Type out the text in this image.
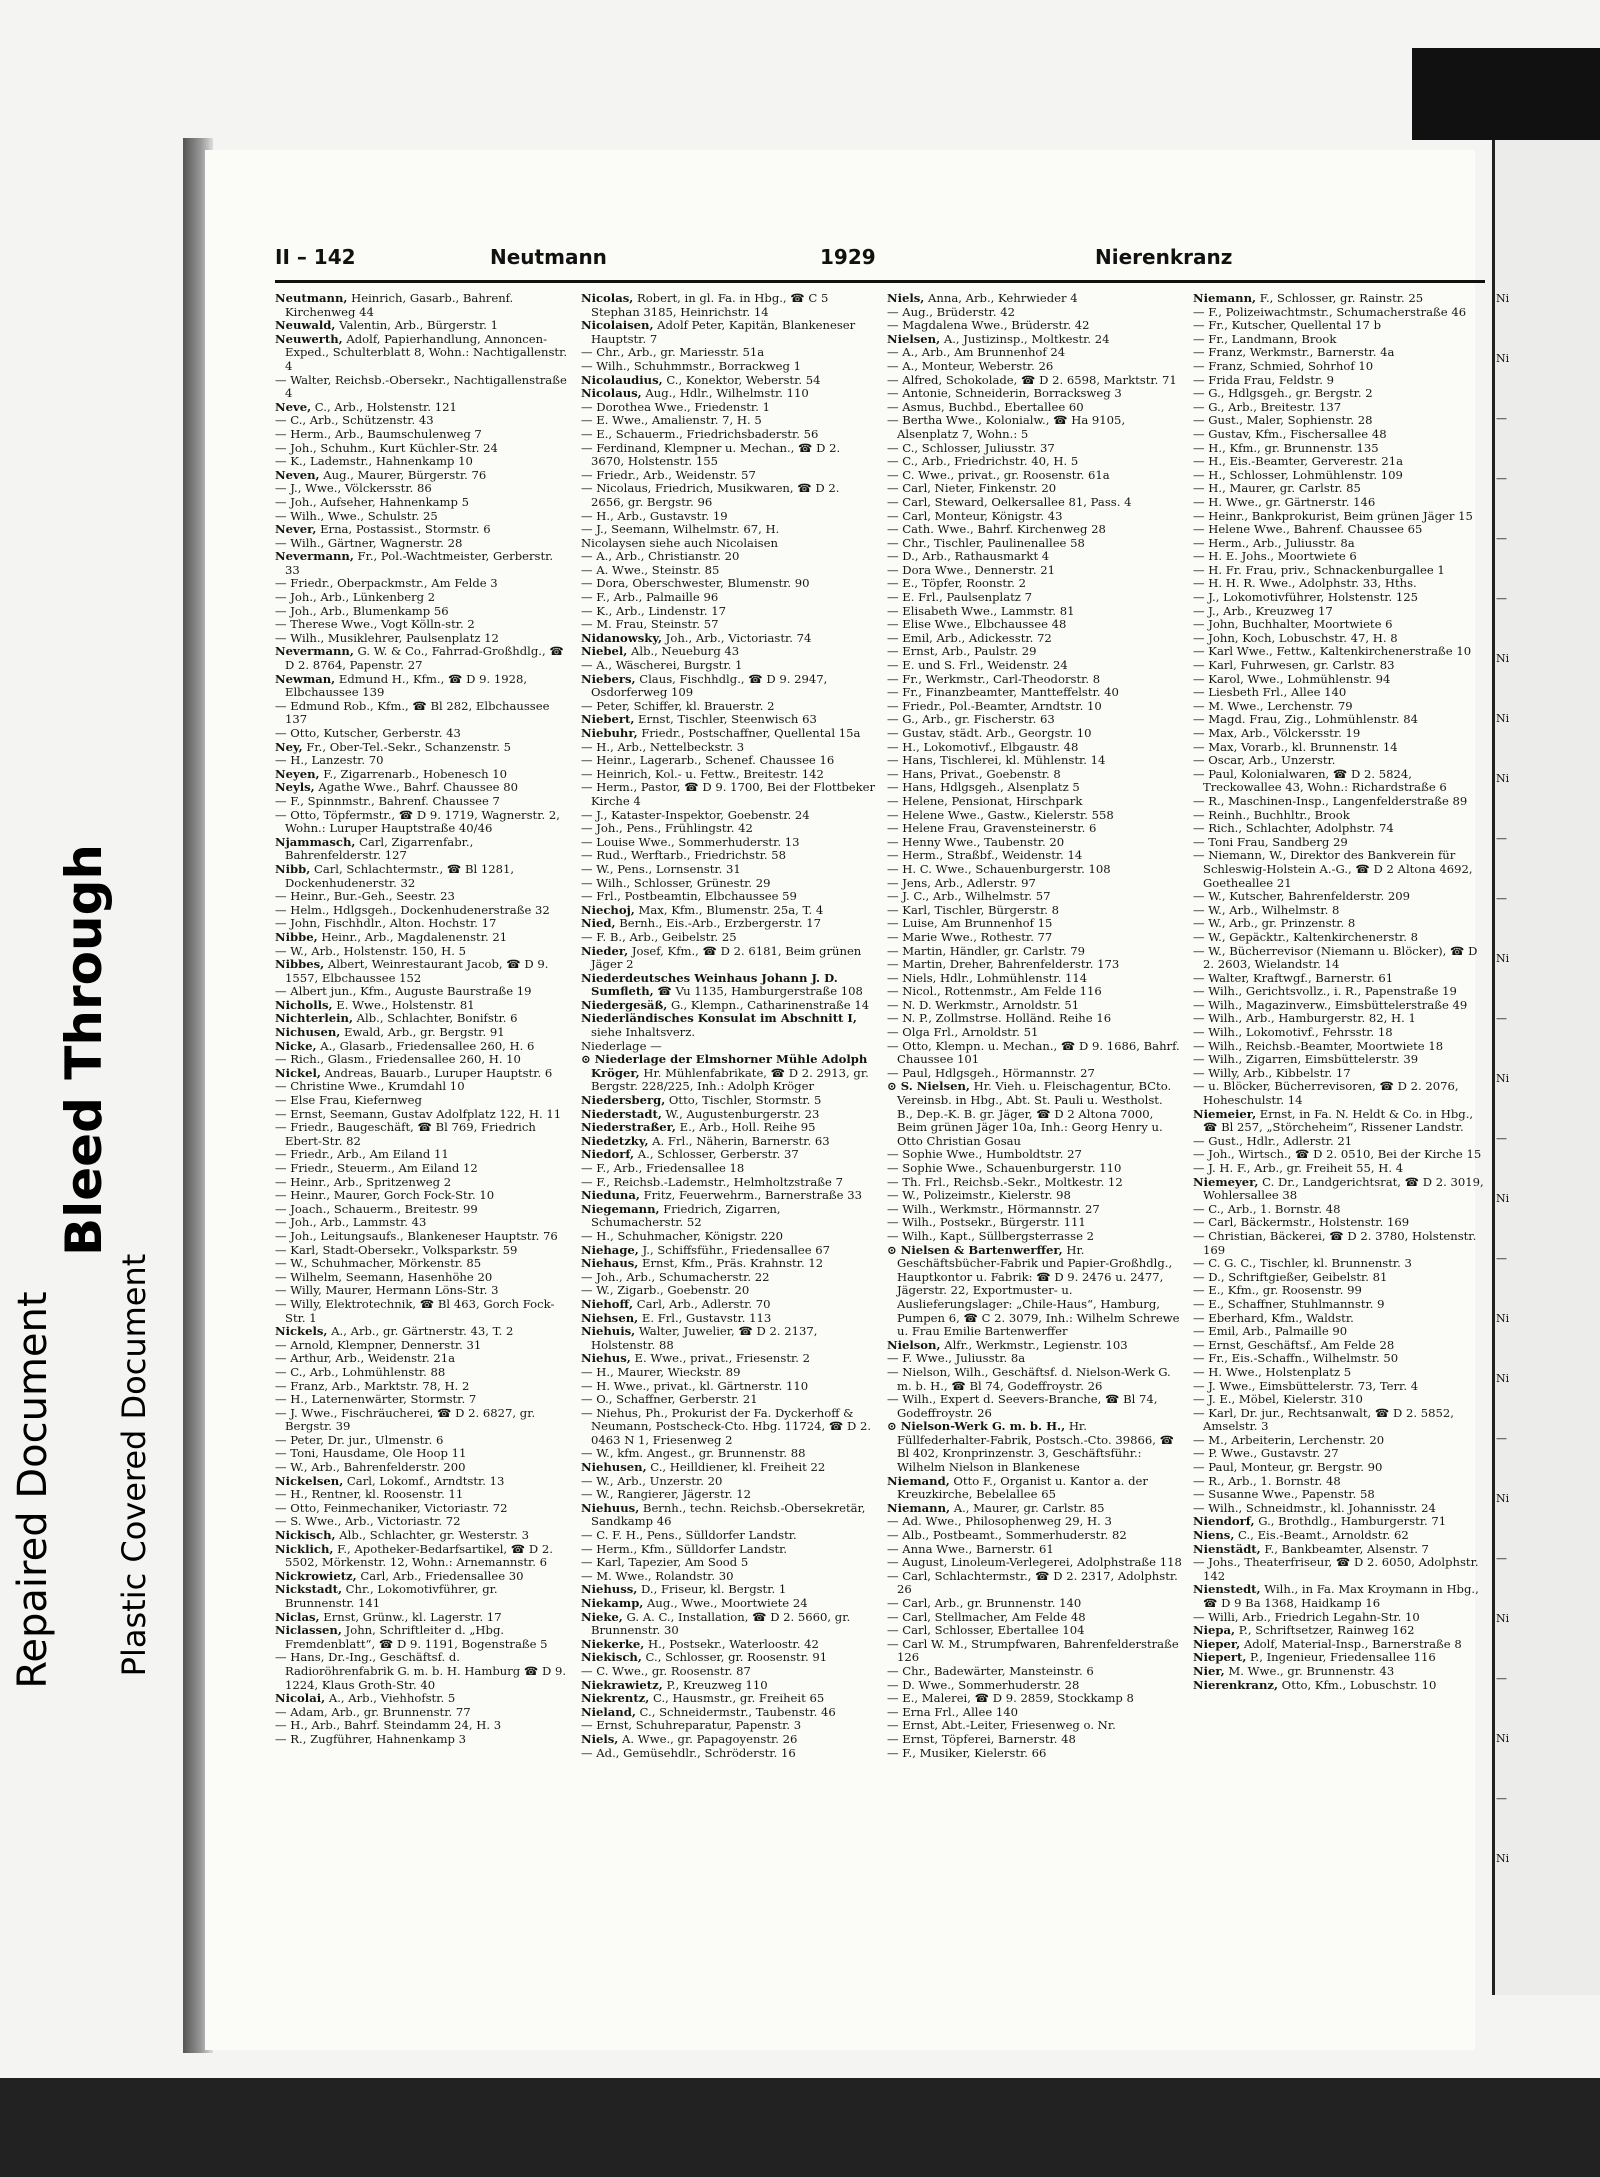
Bleed Through
Repaired Document	Plastic Covered Document
II – 142	Neutmann	1929	Nierenkranz

Neutmann, Heinrich, Gasarb., Bahrenf. Kirchenweg 44

Neuwald, Valentin, Arb., Bürgerstr. 1

Neuwerth, Adolf, Papierhandlung, Annoncen-Exped., Schulterblatt 8, Wohn.: Nachtigallenstr. 4

— Walter, Reichsb.-Obersekr., Nachtigallenstraße 4

Neve, C., Arb., Holstenstr. 121

— C., Arb., Schützenstr. 43

— Herm., Arb., Baumschulenweg 7

— Joh., Schuhm., Kurt Küchler-Str. 24

— K., Lademstr., Hahnenkamp 10

Neven, Aug., Maurer, Bürgerstr. 76

— J., Wwe., Völckersstr. 86

— Joh., Aufseher, Hahnenkamp 5

— Wilh., Wwe., Schulstr. 25

Never, Erna, Postassist., Stormstr. 6

— Wilh., Gärtner, Wagnerstr. 28

Nevermann, Fr., Pol.-Wachtmeister, Gerberstr. 33

— Friedr., Oberpackmstr., Am Felde 3

— Joh., Arb., Lünkenberg 2

— Joh., Arb., Blumenkamp 56

— Therese Wwe., Vogt Kölln-str. 2

— Wilh., Musiklehrer, Paulsenplatz 12

Nevermann, G. W. & Co., Fahrrad-Großhdlg., ☎ D 2. 8764, Papenstr. 27

Newman, Edmund H., Kfm., ☎ D 9. 1928, Elbchaussee 139

— Edmund Rob., Kfm., ☎ Bl 282, Elbchaussee 137

— Otto, Kutscher, Gerberstr. 43

Ney, Fr., Ober-Tel.-Sekr., Schanzenstr. 5

— H., Lanzestr. 70

Neyen, F., Zigarrenarb., Hobenesch 10

Neyls, Agathe Wwe., Bahrf. Chaussee 80

— F., Spinnmstr., Bahrenf. Chaussee 7

— Otto, Töpfermstr., ☎ D 9. 1719, Wagnerstr. 2, Wohn.: Luruper Hauptstraße 40/46

Njammasch, Carl, Zigarrenfabr., Bahrenfelderstr. 127

Nibb, Carl, Schlachtermstr., ☎ Bl 1281, Dockenhudenerstr. 32

— Heinr., Bur.-Geh., Seestr. 23

— Helm., Hdlgsgeh., Dockenhudenerstraße 32

— John, Fischhdlr., Alton. Hochstr. 17

Nibbe, Heinr., Arb., Magdalenenstr. 21

— W., Arb., Holstenstr. 150, H. 5

Nibbes, Albert, Weinrestaurant Jacob, ☎ D 9. 1557, Elbchaussee 152

— Albert jun., Kfm., Auguste Baurstraße 19

Nicholls, E. Wwe., Holstenstr. 81

Nichterlein, Alb., Schlachter, Bonifstr. 6

Nichusen, Ewald, Arb., gr. Bergstr. 91

Nicke, A., Glasarb., Friedensallee 260, H. 6

— Rich., Glasm., Friedensallee 260, H. 10

Nickel, Andreas, Bauarb., Luruper Hauptstr. 6

— Christine Wwe., Krumdahl 10

— Else Frau, Kiefernweg

— Ernst, Seemann, Gustav Adolfplatz 122, H. 11

— Friedr., Baugeschäft, ☎ Bl 769, Friedrich Ebert-Str. 82

— Friedr., Arb., Am Eiland 11

— Friedr., Steuerm., Am Eiland 12

— Heinr., Arb., Spritzenweg 2

— Heinr., Maurer, Gorch Fock-Str. 10

— Joach., Schauerm., Breitestr. 99

— Joh., Arb., Lammstr. 43

— Joh., Leitungsaufs., Blankeneser Hauptstr. 76

— Karl, Stadt-Obersekr., Volksparkstr. 59

— W., Schuhmacher, Mörkenstr. 85

— Wilhelm, Seemann, Hasenhöhe 20

— Willy, Maurer, Hermann Löns-Str. 3

— Willy, Elektrotechnik, ☎ Bl 463, Gorch Fock-Str. 1

Nickels, A., Arb., gr. Gärtnerstr. 43, T. 2

— Arnold, Klempner, Dennerstr. 31

— Arthur, Arb., Weidenstr. 21a

— C., Arb., Lohmühlenstr. 88

— Franz, Arb., Marktstr. 78, H. 2

— H., Laternenwärter, Stormstr. 7

— J. Wwe., Fischräucherei, ☎ D 2. 6827, gr. Bergstr. 39

— Peter, Dr. jur., Ulmenstr. 6

— Toni, Hausdame, Ole Hoop 11

— W., Arb., Bahrenfelderstr. 200

Nickelsen, Carl, Lokomf., Arndtstr. 13

— H., Rentner, kl. Roosenstr. 11

— Otto, Feinmechaniker, Victoriastr. 72

— S. Wwe., Arb., Victoriastr. 72

Nickisch, Alb., Schlachter, gr. Westerstr. 3

Nicklich, F., Apotheker-Bedarfsartikel, ☎ D 2. 5502, Mörkenstr. 12, Wohn.: Arnemannstr. 6

Nickrowietz, Carl, Arb., Friedensallee 30

Nickstadt, Chr., Lokomotivführer, gr. Brunnenstr. 141

Niclas, Ernst, Grünw., kl. Lagerstr. 17

Niclassen, John, Schriftleiter d. „Hbg. Fremdenblatt“, ☎ D 9. 1191, Bogenstraße 5

— Hans, Dr.-Ing., Geschäftsf. d. Radioröhrenfabrik G. m. b. H. Hamburg ☎ D 9. 1224, Klaus Groth-Str. 40

Nicolai, A., Arb., Viehhofstr. 5

— Adam, Arb., gr. Brunnenstr. 77

— H., Arb., Bahrf. Steindamm 24, H. 3

— R., Zugführer, Hahnenkamp 3

Nicolas, Robert, in gl. Fa. in Hbg., ☎ C 5 Stephan 3185, Heinrichstr. 14

Nicolaisen, Adolf Peter, Kapitän, Blankeneser Hauptstr. 7

— Chr., Arb., gr. Mariesstr. 51a

— Wilh., Schuhmmstr., Borrackweg 1

Nicolaudius, C., Konektor, Weberstr. 54

Nicolaus, Aug., Hdlr., Wilhelmstr. 110

— Dorothea Wwe., Friedenstr. 1

— E. Wwe., Amalienstr. 7, H. 5

— E., Schauerm., Friedrichsbaderstr. 56

— Ferdinand, Klempner u. Mechan., ☎ D 2. 3670, Holstenstr. 155

— Friedr., Arb., Weidenstr. 57

— Nicolaus, Friedrich, Musikwaren, ☎ D 2. 2656, gr. Bergstr. 96

— H., Arb., Gustavstr. 19

— J., Seemann, Wilhelmstr. 67, H.

Nicolaysen siehe auch Nicolaisen

— A., Arb., Christianstr. 20

— A. Wwe., Steinstr. 85

— Dora, Oberschwester, Blumenstr. 90

— F., Arb., Palmaille 96

— K., Arb., Lindenstr. 17

— M. Frau, Steinstr. 57

Nidanowsky, Joh., Arb., Victoriastr. 74

Niebel, Alb., Neueburg 43

— A., Wäscherei, Burgstr. 1

Niebers, Claus, Fischhdlg., ☎ D 9. 2947, Osdorferweg 109

— Peter, Schiffer, kl. Brauerstr. 2

Niebert, Ernst, Tischler, Steenwisch 63

Niebuhr, Friedr., Postschaffner, Quellental 15a

— H., Arb., Nettelbeckstr. 3

— Heinr., Lagerarb., Schenef. Chaussee 16

— Heinrich, Kol.- u. Fettw., Breitestr. 142

— Herm., Pastor, ☎ D 9. 1700, Bei der Flottbeker Kirche 4

— J., Kataster-Inspektor, Goebenstr. 24

— Joh., Pens., Frühlingstr. 42

— Louise Wwe., Sommerhuderstr. 13

— Rud., Werftarb., Friedrichstr. 58

— W., Pens., Lornsenstr. 31

— Wilh., Schlosser, Grünestr. 29

— Frl., Postbeamtin, Elbchaussee 59

Niechoj, Max, Kfm., Blumenstr. 25a, T. 4

Nied, Bernh., Eis.-Arb., Erzbergerstr. 17

— F. B., Arb., Geibelstr. 25

Nieder, Josef, Kfm., ☎ D 2. 6181, Beim grünen Jäger 2

Niederdeutsches Weinhaus Johann J. D. Sumfleth, ☎ Vu 1135, Hamburgerstraße 108

Niedergesäß, G., Klempn., Catharinenstraße 14

Niederländisches Konsulat im Abschnitt I, siehe Inhaltsverz.

Niederlage —

⊙ Niederlage der Elmshorner Mühle Adolph Kröger, Hr. Mühlenfabrikate, ☎ D 2. 2913, gr. Bergstr. 228/225, Inh.: Adolph Kröger

Niedersberg, Otto, Tischler, Stormstr. 5

Niederstadt, W., Augustenburgerstr. 23

Niederstraßer, E., Arb., Holl. Reihe 95

Niedetzky, A. Frl., Näherin, Barnerstr. 63

Niedorf, A., Schlosser, Gerberstr. 37

— F., Arb., Friedensallee 18

— F., Reichsb.-Lademstr., Helmholtzstraße 7

Nieduna, Fritz, Feuerwehrm., Barnerstraße 33

Niegemann, Friedrich, Zigarren, Schumacherstr. 52

— H., Schuhmacher, Königstr. 220

Niehage, J., Schiffsführ., Friedensallee 67

Niehaus, Ernst, Kfm., Präs. Krahnstr. 12

— Joh., Arb., Schumacherstr. 22

— W., Zigarb., Goebenstr. 20

Niehoff, Carl, Arb., Adlerstr. 70

Niehsen, E. Frl., Gustavstr. 113

Niehuis, Walter, Juwelier, ☎ D 2. 2137, Holstenstr. 88

Niehus, E. Wwe., privat., Friesenstr. 2

— H., Maurer, Wieckstr. 89

— H. Wwe., privat., kl. Gärtnerstr. 110

— O., Schaffner, Gerberstr. 21

— Niehus, Ph., Prokurist der Fa. Dyckerhoff & Neumann, Postscheck-Cto. Hbg. 11724, ☎ D 2. 0463 N 1, Friesenweg 2

— W., kfm. Angest., gr. Brunnenstr. 88

Niehusen, C., Heilldiener, kl. Freiheit 22

— W., Arb., Unzerstr. 20

— W., Rangierer, Jägerstr. 12

Niehuus, Bernh., techn. Reichsb.-Obersekretär, Sandkamp 46

— C. F. H., Pens., Sülldorfer Landstr.

— Herm., Kfm., Sülldorfer Landstr.

— Karl, Tapezier, Am Sood 5

— M. Wwe., Rolandstr. 30

Niehuss, D., Friseur, kl. Bergstr. 1

Niekamp, Aug., Wwe., Moortwiete 24

Nieke, G. A. C., Installation, ☎ D 2. 5660, gr. Brunnenstr. 30

Niekerke, H., Postsekr., Waterloostr. 42

Niekisch, C., Schlosser, gr. Roosenstr. 91

— C. Wwe., gr. Roosenstr. 87

Niekrawietz, P., Kreuzweg 110

Niekrentz, C., Hausmstr., gr. Freiheit 65

Nieland, C., Schneidermstr., Taubenstr. 46

— Ernst, Schuhreparatur, Papenstr. 3

Niels, A. Wwe., gr. Papagoyenstr. 26

— Ad., Gemüsehdlr., Schröderstr. 16

Niels, Anna, Arb., Kehrwieder 4

— Aug., Brüderstr. 42

— Magdalena Wwe., Brüderstr. 42

Nielsen, A., Justizinsp., Moltkestr. 24

— A., Arb., Am Brunnenhof 24

— A., Monteur, Weberstr. 26

— Alfred, Schokolade, ☎ D 2. 6598, Marktstr. 71

— Antonie, Schneiderin, Borracksweg 3

— Asmus, Buchbd., Ebertallee 60

— Bertha Wwe., Kolonialw., ☎ Ha 9105, Alsenplatz 7, Wohn.: 5

— C., Schlosser, Juliusstr. 37

— C., Arb., Friedrichstr. 40, H. 5

— C. Wwe., privat., gr. Roosenstr. 61a

— Carl, Nieter, Finkenstr. 20

— Carl, Steward, Oelkersallee 81, Pass. 4

— Carl, Monteur, Königstr. 43

— Cath. Wwe., Bahrf. Kirchenweg 28

— Chr., Tischler, Paulinenallee 58

— D., Arb., Rathausmarkt 4

— Dora Wwe., Dennerstr. 21

— E., Töpfer, Roonstr. 2

— E. Frl., Paulsenplatz 7

— Elisabeth Wwe., Lammstr. 81

— Elise Wwe., Elbchaussee 48

— Emil, Arb., Adickesstr. 72

— Ernst, Arb., Paulstr. 29

— E. und S. Frl., Weidenstr. 24

— Fr., Werkmstr., Carl-Theodorstr. 8

— Fr., Finanzbeamter, Mantteffelstr. 40

— Friedr., Pol.-Beamter, Arndtstr. 10

— G., Arb., gr. Fischerstr. 63

— Gustav, städt. Arb., Georgstr. 10

— H., Lokomotivf., Elbgaustr. 48

— Hans, Tischlerei, kl. Mühlenstr. 14

— Hans, Privat., Goebenstr. 8

— Hans, Hdlgsgeh., Alsenplatz 5

— Helene, Pensionat, Hirschpark

— Helene Wwe., Gastw., Kielerstr. 558

— Helene Frau, Gravensteinerstr. 6

— Henny Wwe., Taubenstr. 20

— Herm., Straßbf., Weidenstr. 14

— H. C. Wwe., Schauenburgerstr. 108

— Jens, Arb., Adlerstr. 97

— J. C., Arb., Wilhelmstr. 57

— Karl, Tischler, Bürgerstr. 8

— Luise, Am Brunnenhof 15

— Marie Wwe., Rothestr. 77

— Martin, Händler, gr. Carlstr. 79

— Martin, Dreher, Bahrenfelderstr. 173

— Niels, Hdlr., Lohmühlenstr. 114

— Nicol., Rottenmstr., Am Felde 116

— N. D. Werkmstr., Arnoldstr. 51

— N. P., Zollmstrse. Holländ. Reihe 16

— Olga Frl., Arnoldstr. 51

— Otto, Klempn. u. Mechan., ☎ D 9. 1686, Bahrf. Chaussee 101

— Paul, Hdlgsgeh., Hörmannstr. 27

⊙ S. Nielsen, Hr. Vieh. u. Fleischagentur, BCto. Vereinsb. in Hbg., Abt. St. Pauli u. Westholst. B., Dep.-K. B. gr. Jäger, ☎ D 2 Altona 7000, Beim grünen Jäger 10a, Inh.: Georg Henry u. Otto Christian Gosau

— Sophie Wwe., Humboldtstr. 27

— Sophie Wwe., Schauenburgerstr. 110

— Th. Frl., Reichsb.-Sekr., Moltkestr. 12

— W., Polizeimstr., Kielerstr. 98

— Wilh., Werkmstr., Hörmannstr. 27

— Wilh., Postsekr., Bürgerstr. 111

— Wilh., Kapt., Süllbergsterrasse 2

⊙ Nielsen & Bartenwerffer, Hr. Geschäftsbücher-Fabrik und Papier-Großhdlg., Hauptkontor u. Fabrik: ☎ D 9. 2476 u. 2477, Jägerstr. 22, Exportmuster- u. Auslieferungslager: „Chile-Haus“, Hamburg, Pumpen 6, ☎ C 2. 3079, Inh.: Wilhelm Schrewe u. Frau Emilie Bartenwerffer

Nielson, Alfr., Werkmstr., Legienstr. 103

— F. Wwe., Juliusstr. 8a

— Nielson, Wilh., Geschäftsf. d. Nielson-Werk G. m. b. H., ☎ Bl 74, Godeffroystr. 26

— Wilh., Expert d. Seevers-Branche, ☎ Bl 74, Godeffroystr. 26

⊙ Nielson-Werk G. m. b. H., Hr. Füllfederhalter-Fabrik, Postsch.-Cto. 39866, ☎ Bl 402, Kronprinzenstr. 3, Geschäftsführ.: Wilhelm Nielson in Blankenese

Niemand, Otto F., Organist u. Kantor a. der Kreuzkirche, Bebelallee 65

Niemann, A., Maurer, gr. Carlstr. 85

— Ad. Wwe., Philosophenweg 29, H. 3

— Alb., Postbeamt., Sommerhuderstr. 82

— Anna Wwe., Barnerstr. 61

— August, Linoleum-Verlegerei, Adolphstraße 118

— Carl, Schlachtermstr., ☎ D 2. 2317, Adolphstr. 26

— Carl, Arb., gr. Brunnenstr. 140

— Carl, Stellmacher, Am Felde 48

— Carl, Schlosser, Ebertallee 104

— Carl W. M., Strumpfwaren, Bahrenfelderstraße 126

— Chr., Badewärter, Mansteinstr. 6

— D. Wwe., Sommerhuderstr. 28

— E., Malerei, ☎ D 9. 2859, Stockkamp 8

— Erna Frl., Allee 140

— Ernst, Abt.-Leiter, Friesenweg o. Nr.

— Ernst, Töpferei, Barnerstr. 48

— F., Musiker, Kielerstr. 66

Niemann, F., Schlosser, gr. Rainstr. 25

— F., Polizeiwachtmstr., Schumacherstraße 46

— Fr., Kutscher, Quellental 17 b

— Fr., Landmann, Brook

— Franz, Werkmstr., Barnerstr. 4a

— Franz, Schmied, Sohrhof 10

— Frida Frau, Feldstr. 9

— G., Hdlgsgeh., gr. Bergstr. 2

— G., Arb., Breitestr. 137

— Gust., Maler, Sophienstr. 28

— Gustav, Kfm., Fischersallee 48

— H., Kfm., gr. Brunnenstr. 135

— H., Eis.-Beamter, Gerverestr. 21a

— H., Schlosser, Lohmühlenstr. 109

— H., Maurer, gr. Carlstr. 85

— H. Wwe., gr. Gärtnerstr. 146

— Heinr., Bankprokurist, Beim grünen Jäger 15

— Helene Wwe., Bahrenf. Chaussee 65

— Herm., Arb., Juliusstr. 8a

— H. E. Johs., Moortwiete 6

— H. Fr. Frau, priv., Schnackenburgallee 1

— H. H. R. Wwe., Adolphstr. 33, Hths.

— J., Lokomotivführer, Holstenstr. 125

— J., Arb., Kreuzweg 17

— John, Buchhalter, Moortwiete 6

— John, Koch, Lobuschstr. 47, H. 8

— Karl Wwe., Fettw., Kaltenkirchenerstraße 10

— Karl, Fuhrwesen, gr. Carlstr. 83

— Karol, Wwe., Lohmühlenstr. 94

— Liesbeth Frl., Allee 140

— M. Wwe., Lerchenstr. 79

— Magd. Frau, Zig., Lohmühlenstr. 84

— Max, Arb., Völckersstr. 19

— Max, Vorarb., kl. Brunnenstr. 14

— Oscar, Arb., Unzerstr.

— Paul, Kolonialwaren, ☎ D 2. 5824, Treckowallee 43, Wohn.: Richardstraße 6

— R., Maschinen-Insp., Langenfelderstraße 89

— Reinh., Buchhltr., Brook

— Rich., Schlachter, Adolphstr. 74

— Toni Frau, Sandberg 29

— Niemann, W., Direktor des Bankverein für Schleswig-Holstein A.-G., ☎ D 2 Altona 4692, Goetheallee 21

— W., Kutscher, Bahrenfelderstr. 209

— W., Arb., Wilhelmstr. 8

— W., Arb., gr. Prinzenstr. 8

— W., Gepäcktr., Kaltenkirchenerstr. 8

— W., Bücherrevisor (Niemann u. Blöcker), ☎ D 2. 2603, Wielandstr. 14

— Walter, Kraftwgf., Barnerstr. 61

— Wilh., Gerichtsvollz., i. R., Papenstraße 19

— Wilh., Magazinverw., Eimsbüttelerstraße 49

— Wilh., Arb., Hamburgerstr. 82, H. 1

— Wilh., Lokomotivf., Fehrsstr. 18

— Wilh., Reichsb.-Beamter, Moortwiete 18

— Wilh., Zigarren, Eimsbüttelerstr. 39

— Willy, Arb., Kibbelstr. 17

— u. Blöcker, Bücherrevisoren, ☎ D 2. 2076, Hoheschulstr. 14

Niemeier, Ernst, in Fa. N. Heldt & Co. in Hbg., ☎ Bl 257, „Störcheheim“, Rissener Landstr.

— Gust., Hdlr., Adlerstr. 21

— Joh., Wirtsch., ☎ D 2. 0510, Bei der Kirche 15

— J. H. F., Arb., gr. Freiheit 55, H. 4

Niemeyer, C. Dr., Landgerichtsrat, ☎ D 2. 3019, Wohlersallee 38

— C., Arb., 1. Bornstr. 48

— Carl, Bäckermstr., Holstenstr. 169

— Christian, Bäckerei, ☎ D 2. 3780, Holstenstr. 169

— C. G. C., Tischler, kl. Brunnenstr. 3

— D., Schriftgießer, Geibelstr. 81

— E., Kfm., gr. Roosenstr. 99

— E., Schaffner, Stuhlmannstr. 9

— Eberhard, Kfm., Waldstr.

— Emil, Arb., Palmaille 90

— Ernst, Geschäftsf., Am Felde 28

— Fr., Eis.-Schaffn., Wilhelmstr. 50

— H. Wwe., Holstenplatz 5

— J. Wwe., Eimsbüttelerstr. 73, Terr. 4

— J. E., Möbel, Kielerstr. 310

— Karl, Dr. jur., Rechtsanwalt, ☎ D 2. 5852, Amselstr. 3

— M., Arbeiterin, Lerchenstr. 20

— P. Wwe., Gustavstr. 27

— Paul, Monteur, gr. Bergstr. 90

— R., Arb., 1. Bornstr. 48

— Susanne Wwe., Papenstr. 58

— Wilh., Schneidmstr., kl. Johannisstr. 24

Niendorf, G., Brothdlg., Hamburgerstr. 71

Niens, C., Eis.-Beamt., Arnoldstr. 62

Nienstädt, F., Bankbeamter, Alsenstr. 7

— Johs., Theaterfriseur, ☎ D 2. 6050, Adolphstr. 142

Nienstedt, Wilh., in Fa. Max Kroymann in Hbg., ☎ D 9 Ba 1368, Haidkamp 16

— Willi, Arb., Friedrich Legahn-Str. 10

Niepa, P., Schriftsetzer, Rainweg 162

Nieper, Adolf, Material-Insp., Barnerstraße 8

Niepert, P., Ingenieur, Friedensallee 116

Nier, M. Wwe., gr. Brunnenstr. 43

Nierenkranz, Otto, Kfm., Lobuschstr. 10

Ni
Ni
—
—
—
—
Ni
Ni
Ni
—
—
Ni
—
Ni
—
Ni
—
Ni
Ni
—
Ni
—
Ni
—
Ni
—
Ni
